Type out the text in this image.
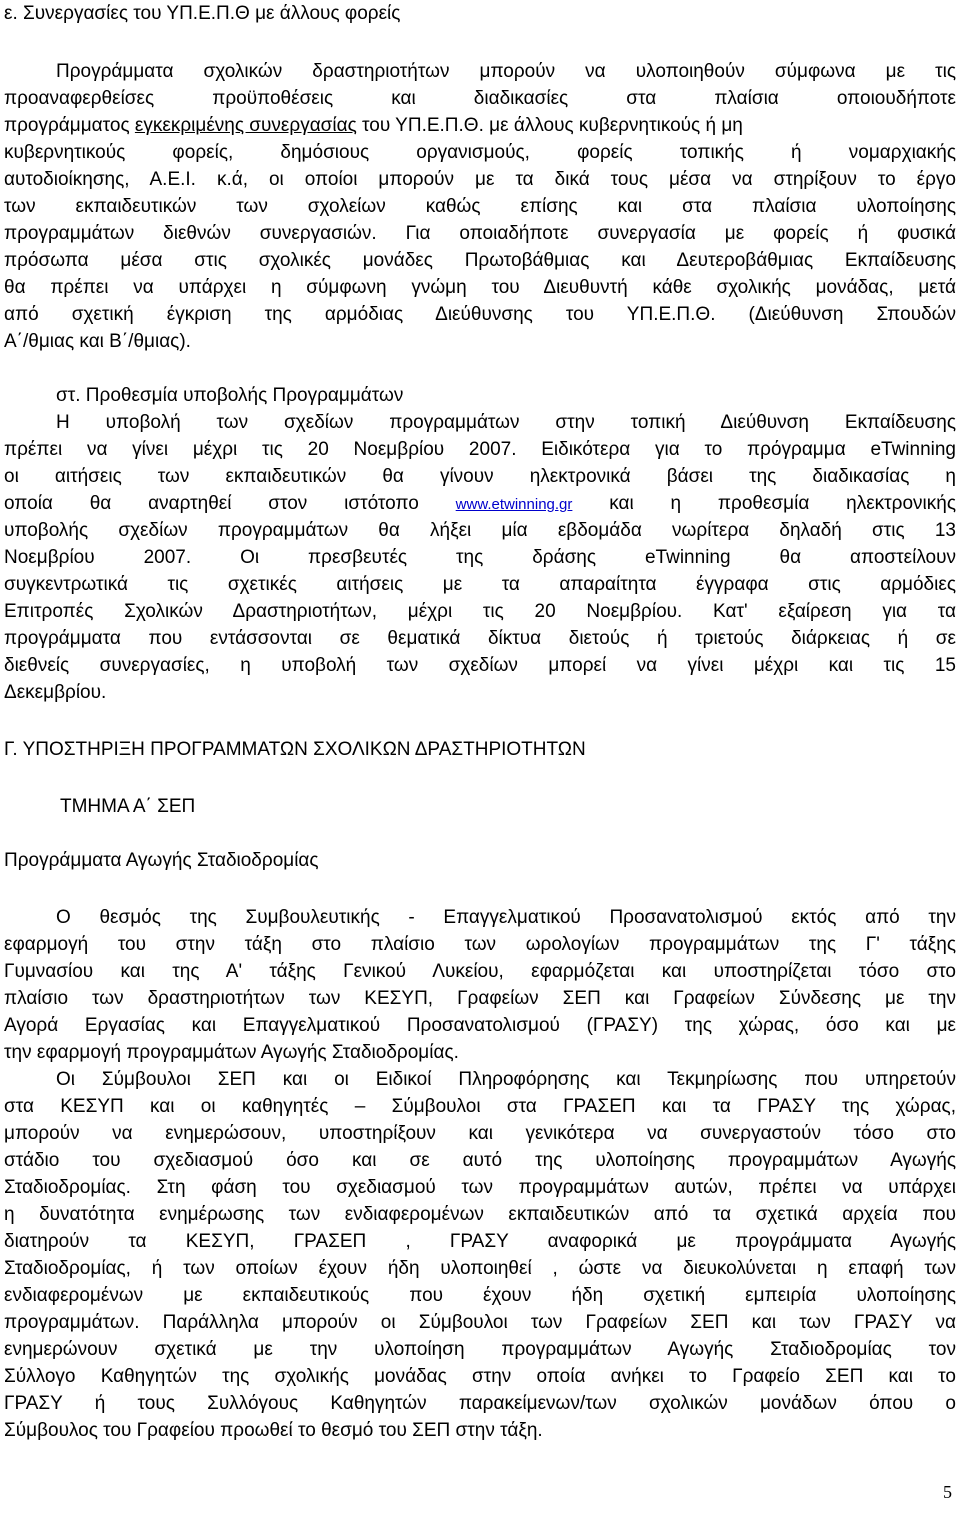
ε. Συνεργασίες του ΥΠ.Ε.Π.Θ με άλλους φορείς
Προγράμματα σχολικών δραστηριοτήτων μπορούν να υλοποιηθούν σύμφωνα με τις
προαναφερθείσες προϋποθέσεις και διαδικασίες στα πλαίσια οποιουδήποτε
προγράμματος εγκεκριμένης συνεργασίας του ΥΠ.Ε.Π.Θ. με άλλους κυβερνητικούς ή μη
κυβερνητικούς φορείς, δημόσιους οργανισμούς, φορείς τοπικής ή νομαρχιακής
αυτοδιοίκησης, Α.Ε.Ι. κ.ά, οι οποίοι μπορούν με τα δικά τους μέσα να στηρίξουν το έργο
των εκπαιδευτικών των σχολείων καθώς επίσης και στα πλαίσια υλοποίησης
προγραμμάτων διεθνών συνεργασιών. Για οποιαδήποτε συνεργασία με φορείς ή φυσικά
πρόσωπα μέσα στις σχολικές μονάδες Πρωτοβάθμιας και Δευτεροβάθμιας Εκπαίδευσης
θα πρέπει να υπάρχει η σύμφωνη γνώμη του Διευθυντή κάθε σχολικής μονάδας, μετά
από σχετική έγκριση της αρμόδιας Διεύθυνσης του ΥΠ.Ε.Π.Θ. (Διεύθυνση Σπουδών
Α΄/θμιας και Β΄/θμιας).
στ. Προθεσμία υποβολής Προγραμμάτων
Η υποβολή των σχεδίων προγραμμάτων στην τοπική Διεύθυνση Εκπαίδευσης
πρέπει να γίνει μέχρι τις 20 Νοεμβρίου 2007. Ειδικότερα για το πρόγραμμα eTwinning
οι αιτήσεις των εκπαιδευτικών θα γίνουν ηλεκτρονικά βάσει της διαδικασίας η
οποία θα αναρτηθεί στον ιστότοπο www.etwinning.gr και η προθεσμία ηλεκτρονικής
υποβολής σχεδίων προγραμμάτων θα λήξει μία εβδομάδα νωρίτερα δηλαδή στις 13
Νοεμβρίου 2007. Οι πρεσβευτές της δράσης eTwinning θα αποστείλουν
συγκεντρωτικά τις σχετικές αιτήσεις με τα απαραίτητα έγγραφα στις αρμόδιες
Επιτροπές Σχολικών Δραστηριοτήτων, μέχρι τις 20 Νοεμβρίου. Κατ' εξαίρεση για τα
προγράμματα που εντάσσονται σε θεματικά δίκτυα διετούς ή τριετούς διάρκειας ή σε
διεθνείς συνεργασίες, η υποβολή των σχεδίων μπορεί να γίνει μέχρι και τις 15
Δεκεμβρίου.
Γ. ΥΠΟΣΤΗΡΙΞΗ ΠΡΟΓΡΑΜΜΑΤΩΝ ΣΧΟΛΙΚΩΝ ΔΡΑΣΤΗΡΙΟΤΗΤΩΝ
ΤΜΗΜΑ Α΄ ΣΕΠ
Προγράμματα Αγωγής Σταδιοδρομίας
Ο θεσμός της Συμβουλευτικής - Επαγγελματικού Προσανατολισμού εκτός από την
εφαρμογή του στην τάξη στο πλαίσιο των ωρολογίων προγραμμάτων της Γ' τάξης
Γυμνασίου και της Α' τάξης Γενικού Λυκείου, εφαρμόζεται και υποστηρίζεται τόσο στο
πλαίσιο των δραστηριοτήτων των ΚΕΣΥΠ, Γραφείων ΣΕΠ και Γραφείων Σύνδεσης με την
Αγορά Εργασίας και Επαγγελματικού Προσανατολισμού (ΓΡΑΣΥ) της χώρας, όσο και με
την εφαρμογή προγραμμάτων Αγωγής Σταδιοδρομίας.
Οι Σύμβουλοι ΣΕΠ και οι Ειδικοί Πληροφόρησης και Τεκμηρίωσης που υπηρετούν
στα ΚΕΣΥΠ και οι καθηγητές – Σύμβουλοι στα ΓΡΑΣΕΠ και τα ΓΡΑΣΥ της χώρας,
μπορούν να ενημερώσουν, υποστηρίξουν και γενικότερα να συνεργαστούν τόσο στο
στάδιο του σχεδιασμού όσο και σε αυτό της υλοποίησης προγραμμάτων Αγωγής
Σταδιοδρομίας. Στη φάση του σχεδιασμού των προγραμμάτων αυτών, πρέπει να υπάρχει
η δυνατότητα ενημέρωσης των ενδιαφερομένων εκπαιδευτικών από τα σχετικά αρχεία που
διατηρούν τα ΚΕΣΥΠ, ΓΡΑΣΕΠ , ΓΡΑΣΥ αναφορικά με προγράμματα Αγωγής
Σταδιοδρομίας, ή των οποίων έχουν ήδη υλοποιηθεί , ώστε να διευκολύνεται η επαφή των
ενδιαφερομένων με εκπαιδευτικούς που έχουν ήδη σχετική εμπειρία υλοποίησης
προγραμμάτων. Παράλληλα μπορούν οι Σύμβουλοι των Γραφείων ΣΕΠ και των ΓΡΑΣΥ να
ενημερώνουν σχετικά με την υλοποίηση προγραμμάτων Αγωγής Σταδιοδρομίας τον
Σύλλογο Καθηγητών της σχολικής μονάδας στην οποία ανήκει το Γραφείο ΣΕΠ και το
ΓΡΑΣΥ ή τους Συλλόγους Καθηγητών παρακείμενων/των σχολικών μονάδων όπου ο
Σύμβουλος του Γραφείου προωθεί το θεσμό του ΣΕΠ στην τάξη.
5
